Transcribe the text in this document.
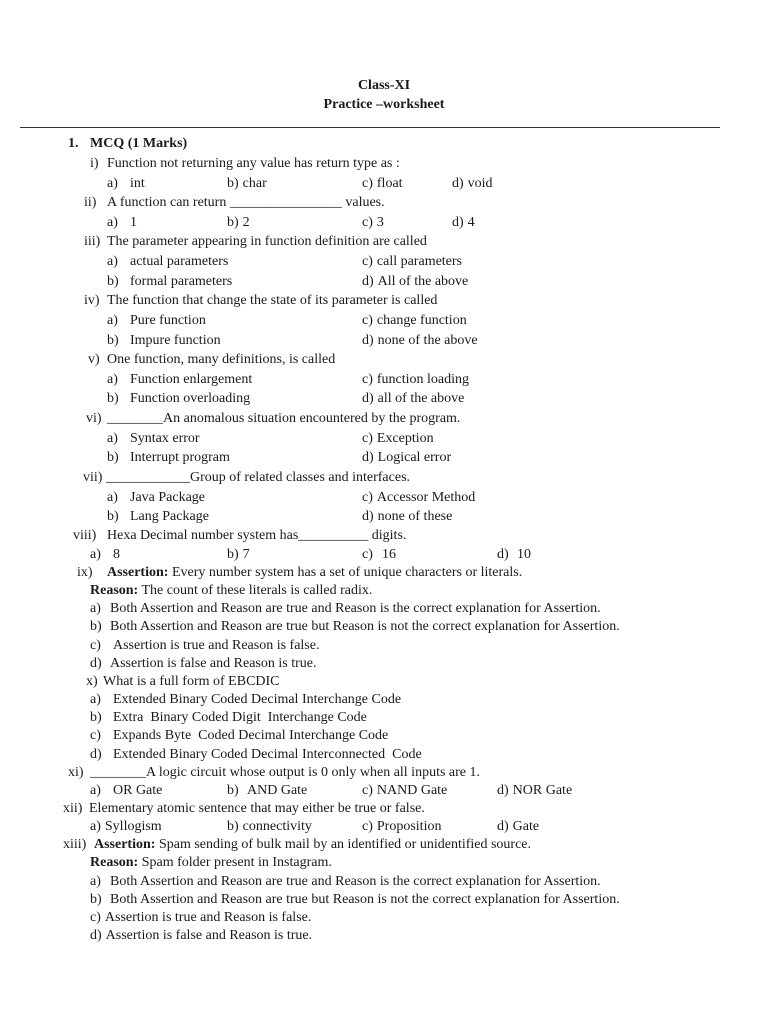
Class-XI
Practice –worksheet
1. MCQ (1 Marks)
i) Function not returning any value has return type as :
a) int	b) char	c) float	d) void
ii) A function can return ________________ values.
a) 1	b) 2	c) 3	d) 4
iii) The parameter appearing in function definition are called
a) actual parameters	c) call parameters
b) formal parameters	d) All of the above
iv) The function that change the state of its parameter is called
a) Pure function	c) change function
b) Impure function	d) none of the above
v) One function, many definitions, is called
a) Function enlargement	c) function loading
b) Function overloading	d) all of the above
vi) ________An anomalous situation encountered by the program.
a) Syntax error	c) Exception
b) Interrupt program	d) Logical error
vii) ____________Group of related classes and interfaces.
a) Java Package	c) Accessor Method
b) Lang Package	d) none of these
viii) Hexa Decimal number system has__________ digits.
a) 8	b) 7	c) 16	d) 10
ix) Assertion: Every number system has a set of unique characters or literals.
Reason: The count of these literals is called radix.
a) Both Assertion and Reason are true and Reason is the correct explanation for Assertion.
b) Both Assertion and Reason are true but Reason is not the correct explanation for Assertion.
c) Assertion is true and Reason is false.
d) Assertion is false and Reason is true.
x) What is a full form of EBCDIC
a) Extended Binary Coded Decimal Interchange Code
b) Extra  Binary Coded Digit  Interchange Code
c) Expands Byte  Coded Decimal Interchange Code
d) Extended Binary Coded Decimal Interconnected  Code
xi) ________A logic circuit whose output is 0 only when all inputs are 1.
a) OR Gate	b) AND Gate	c) NAND Gate	d) NOR Gate
xii) Elementary atomic sentence that may either be true or false.
a) Syllogism	b) connectivity	c) Proposition	d) Gate
xiii) Assertion: Spam sending of bulk mail by an identified or unidentified source.
Reason: Spam folder present in Instagram.
a) Both Assertion and Reason are true and Reason is the correct explanation for Assertion.
b) Both Assertion and Reason are true but Reason is not the correct explanation for Assertion.
c) Assertion is true and Reason is false.
d) Assertion is false and Reason is true.
